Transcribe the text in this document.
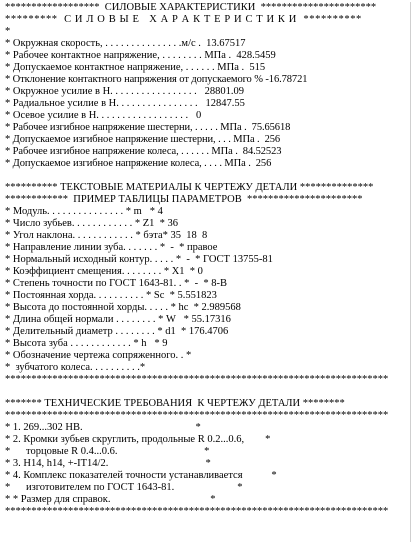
******************  СИЛОВЫЕ ХАРАКТЕРИСТИКИ  **********************
*********  С И Л О В Ы Е   Х А Р А К Т Е Р И С Т И К И  **********
*
* Окружная скорость, . . . . . . . . . . . . . . .м/с .  13.67517
* Рабочее контактное напряжение, . . . . . . . . МПа .  428.5459
* Допускаемое контактное напряжение, . . . . . . МПа .  515
* Отклонение контактного напряжения от допускаемого % -16.78721
* Окружное усилие в Н. . . . . . . . . . . . . . . . .   28801.09
* Радиальное усилие в Н. . . . . . . . . . . . . . . .   12847.55
* Осевое усилие в Н. . . . . . . . . . . . . . . . . .   0
* Рабочее изгибное напряжение шестерни, . . . . . МПа .  75.65618
* Допускаемое изгибное напряжение шестерни, . . . МПа .  256
* Рабочее изгибное напряжение колеса, . . . . . . МПа .  84.52523
* Допускаемое изгибное напряжение колеса, . . . . МПа .  256
********** ТЕКСТОВЫЕ МАТЕРИАЛЫ К ЧЕРТЕЖУ ДЕТАЛИ **************
************  ПРИМЕР ТАБЛИЦЫ ПАРАМЕТРОВ  **********************
* Модуль. . . . . . . . . . . . . . . * m   * 4
* Число зубьев. . . . . . . . . . . . * Z1  * 36
* Угол наклона. . . . . . . . . . . . * бэта* 35  18  8
* Направление линии зуба. . . . . . . *  -  * правое
* Нормальный исходный контур. . . . . *  -  * ГОСТ 13755-81
* Коэффициент смещения. . . . . . . . * X1  * 0
* Степень точности по ГОСТ 1643-81. . *  -  * 8-В
* Постоянная хорда. . . . . . . . . . * Sc  * 5.551823
* Высота до постоянной хорды. . . . . * hc  * 2.989568
* Длина общей нормали . . . . . . . . * W   * 55.17316
* Делительный диаметр . . . . . . . . * d1  * 176.4706
* Высота зуба . . . . . . . . . . . . * h   * 9
* Обозначение чертежа сопряженного. . *
*  зубчатого колеса. . . . . . . . . .*
*************************************************************************
******* ТЕХНИЧЕСКИЕ ТРЕБОВАНИЯ  К ЧЕРТЕЖУ ДЕТАЛИ ********
*************************************************************************
* 1. 269...302 HB.                                           *
* 2. Кромки зубьев скруглить, продольные R 0.2...0.6,        *
*      торцовые R 0.4...0.6.                                 *
* 3. H14, h14, +-IT14/2.                                     *
* 4. Комплекс показателей точности устанавливается           *
*      изготовителем по ГОСТ 1643-81.                        *
* * Размер для справок.                                      *
*************************************************************************
